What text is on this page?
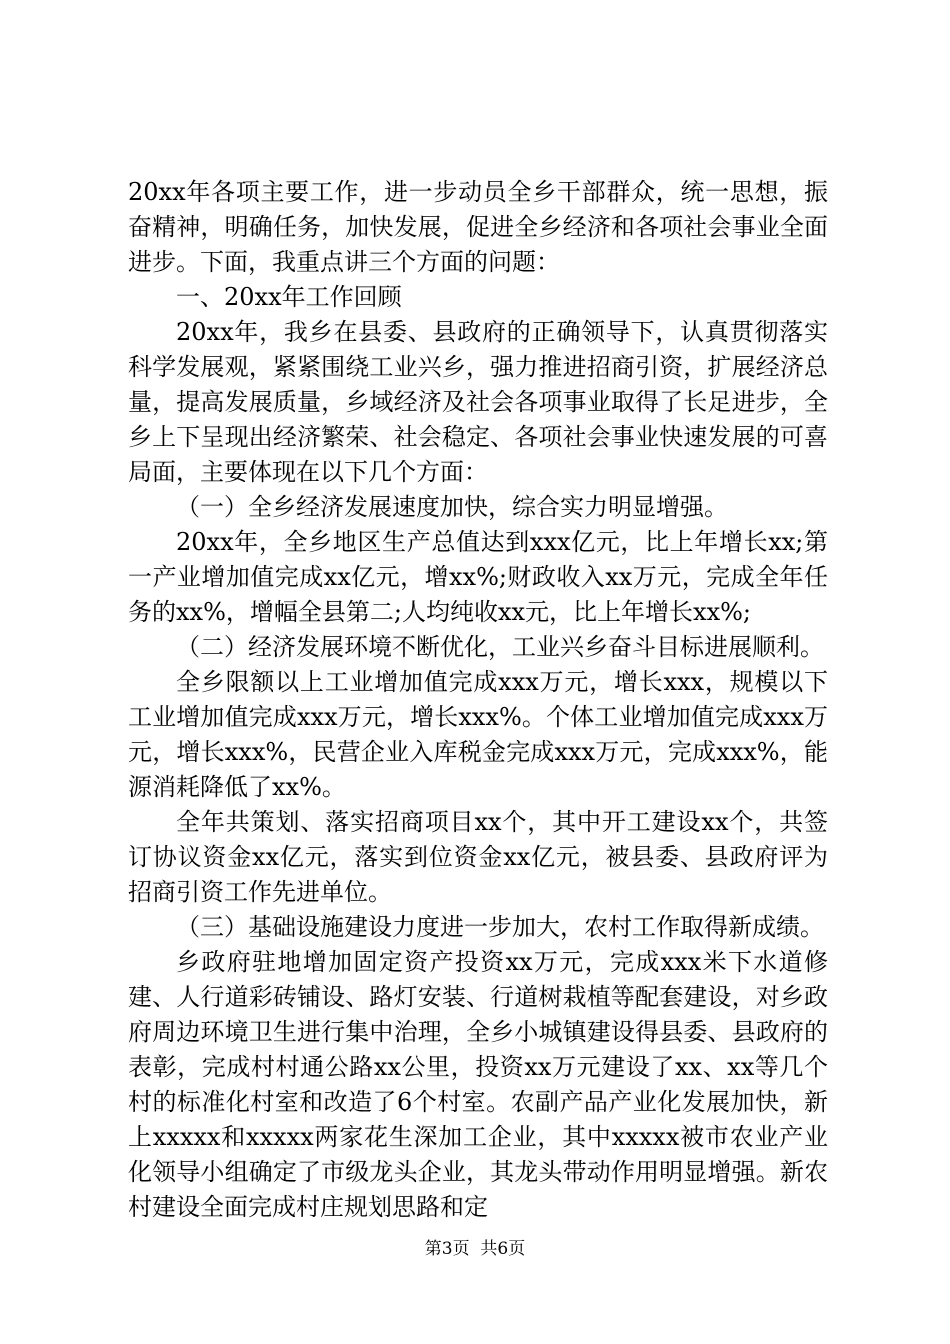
20xx年各项主要工作，进一步动员全乡干部群众，统一思想，振奋精神，明确任务，加快发展，促进全乡经济和各项社会事业全面进步。下面，我重点讲三个方面的问题：

一、20xx年工作回顾

20xx年，我乡在县委、县政府的正确领导下，认真贯彻落实科学发展观，紧紧围绕工业兴乡，强力推进招商引资，扩展经济总量，提高发展质量，乡域经济及社会各项事业取得了长足进步，全乡上下呈现出经济繁荣、社会稳定、各项社会事业快速发展的可喜局面，主要体现在以下几个方面：

（一）全乡经济发展速度加快，综合实力明显增强。

20xx年，全乡地区生产总值达到xxx亿元，比上年增长xx;第一产业增加值完成xx亿元，增xx%;财政收入xx万元，完成全年任务的xx%，增幅全县第二;人均纯收xx元，比上年增长xx%;

（二）经济发展环境不断优化，工业兴乡奋斗目标进展顺利。

全乡限额以上工业增加值完成xxx万元，增长xxx，规模以下工业增加值完成xxx万元，增长xxx%。个体工业增加值完成xxx万元，增长xxx%，民营企业入库税金完成xxx万元，完成xxx%，能源消耗降低了xx%。

全年共策划、落实招商项目xx个，其中开工建设xx个，共签订协议资金xx亿元，落实到位资金xx亿元，被县委、县政府评为招商引资工作先进单位。

（三）基础设施建设力度进一步加大，农村工作取得新成绩。

乡政府驻地增加固定资产投资xx万元，完成xxx米下水道修建、人行道彩砖铺设、路灯安装、行道树栽植等配套建设，对乡政府周边环境卫生进行集中治理，全乡小城镇建设得县委、县政府的表彰，完成村村通公路xx公里，投资xx万元建设了xx、xx等几个村的标准化村室和改造了6个村室。农副产品产业化发展加快，新上xxxxx和xxxxx两家花生深加工企业，其中xxxxx被市农业产业化领导小组确定了市级龙头企业，其龙头带动作用明显增强。新农村建设全面完成村庄规划思路和定

第3页  共6页
